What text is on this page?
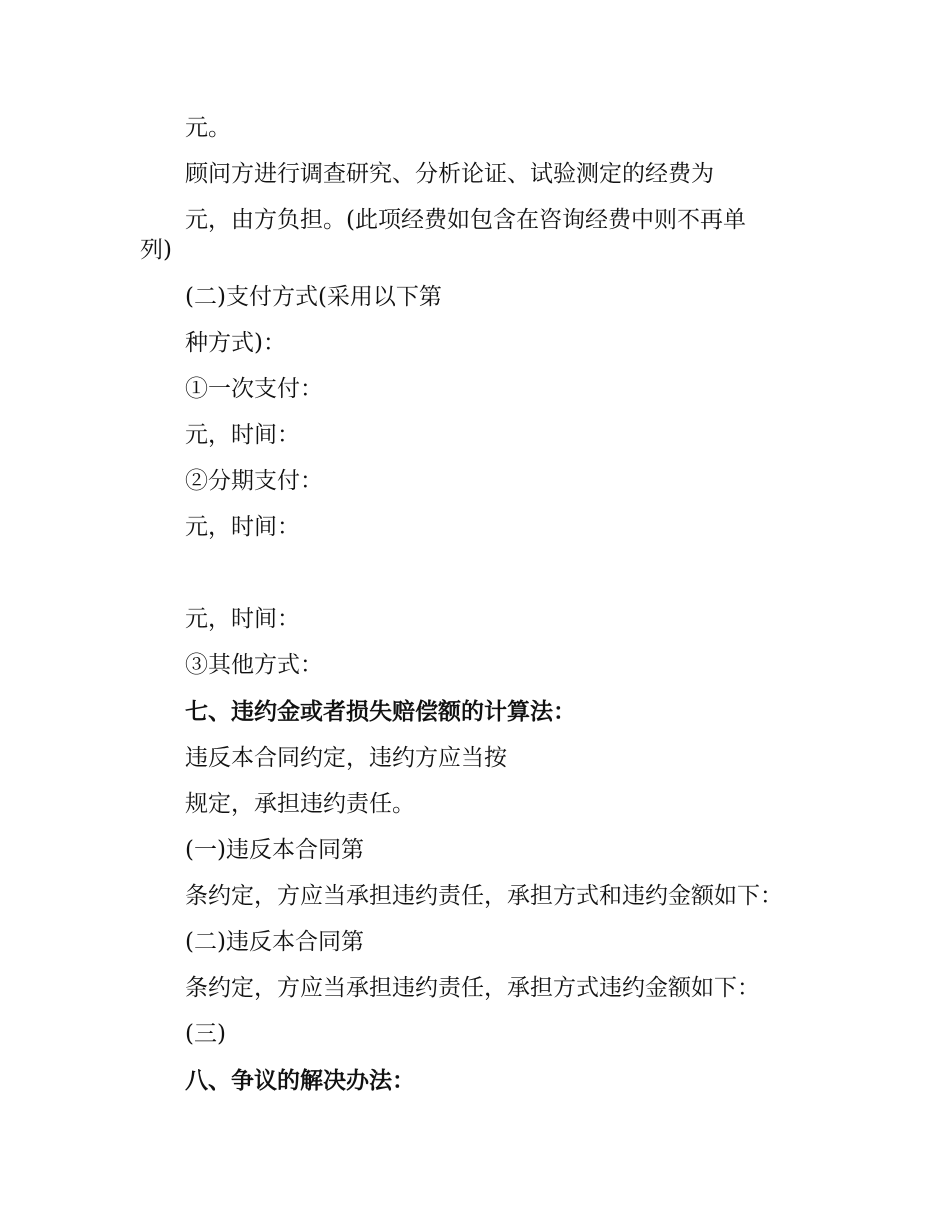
元。
顾问方进行调查研究、分析论证、试验测定的经费为
元，由方负担。(此项经费如包含在咨询经费中则不再单
列)
(二)支付方式(采用以下第
种方式)：
①一次支付：
元，时间：
②分期支付：
元，时间：
元，时间：
③其他方式：
七、违约金或者损失赔偿额的计算法：
违反本合同约定，违约方应当按
规定，承担违约责任。
(一)违反本合同第
条约定，方应当承担违约责任，承担方式和违约金额如下：
(二)违反本合同第
条约定，方应当承担违约责任，承担方式违约金额如下：
(三)
八、争议的解决办法：
